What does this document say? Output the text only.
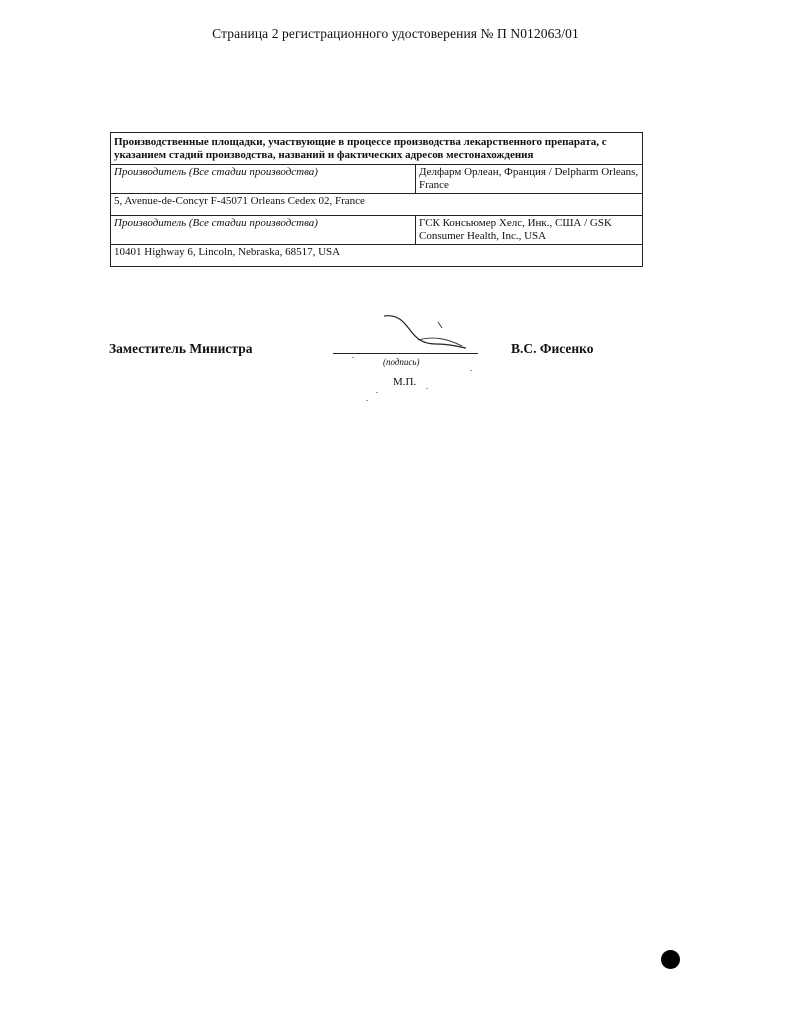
Страница 2 регистрационного удостоверения № П N012063/01
Производственные площадки, участвующие в процессе производства лекарственного препарата, с указанием стадий производства, названий и фактических адресов местонахождения	
Производитель (Все стадии производства)	Делфарм Орлеан, Франция / Delpharm Orleans, France
5, Avenue-de-Concyr F-45071 Orleans Cedex 02, France	
Производитель (Все стадии производства)	ГСК Консьюмер Хелс, Инк., США / GSK Consumer Health, Inc., USA
10401 Highway 6, Lincoln, Nebraska, 68517, USA	
Заместитель Министра
(подпись)
М.П.
В.С. Фисенко
